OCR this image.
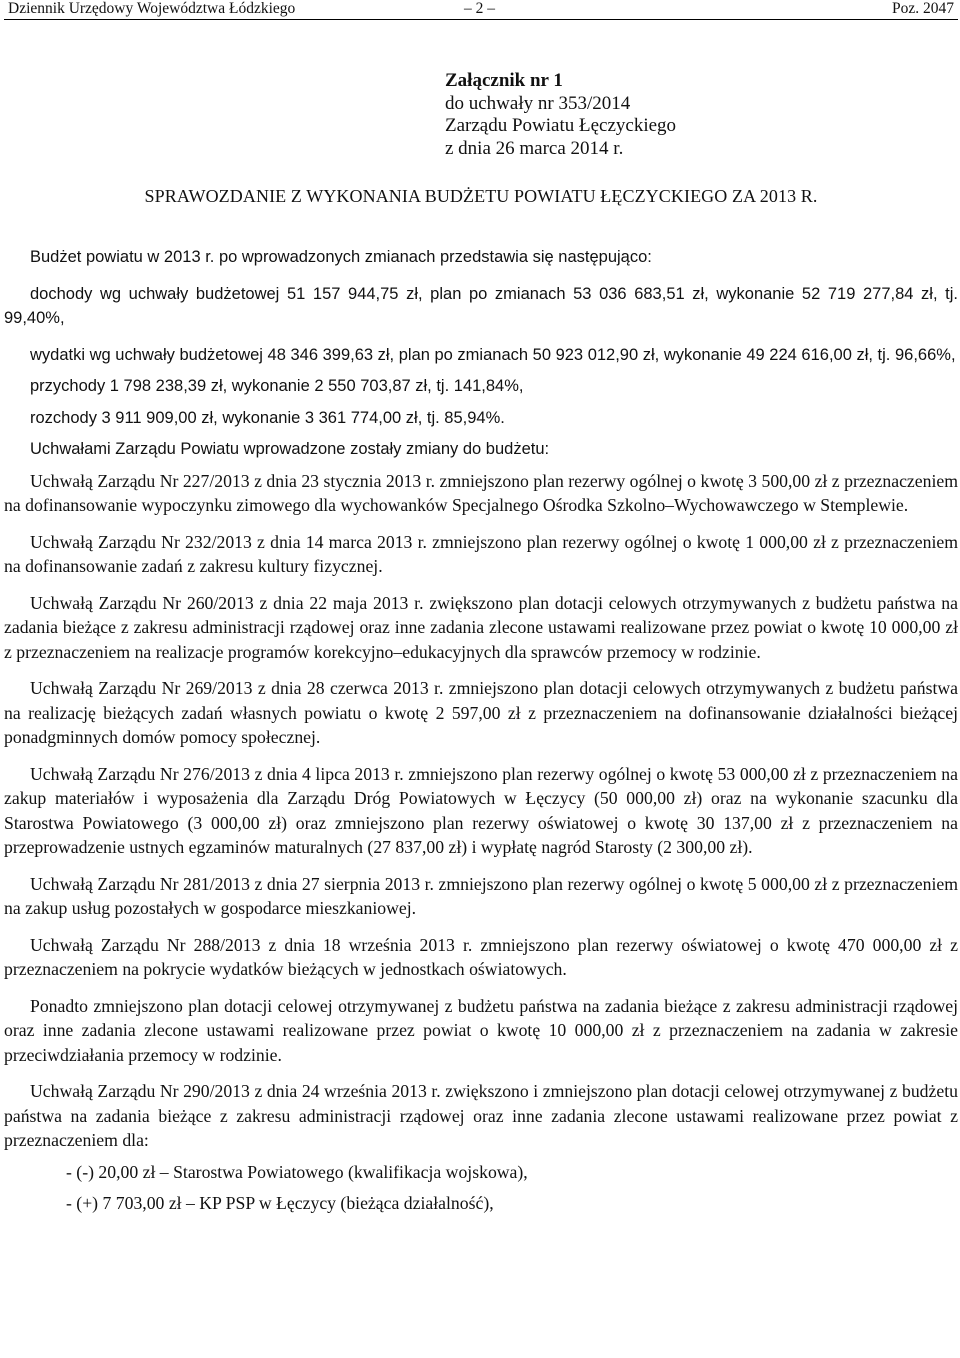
Dziennik Urzędowy Województwa Łódzkiego	– 2 –	Poz. 2047
Załącznik nr 1
do uchwały nr 353/2014
Zarządu Powiatu Łęczyckiego
z dnia 26 marca 2014 r.
SPRAWOZDANIE Z WYKONANIA BUDŻETU POWIATU ŁĘCZYCKIEGO ZA 2013 R.

Budżet powiatu w 2013 r. po wprowadzonych zmianach przedstawia się następująco:

dochody wg uchwały budżetowej 51 157 944,75 zł, plan po zmianach 53 036 683,51 zł, wykonanie 52 719 277,84 zł, tj. 99,40%,

wydatki wg uchwały budżetowej 48 346 399,63 zł, plan po zmianach 50 923 012,90 zł, wykonanie 49 224 616,00 zł, tj. 96,66%,

przychody 1 798 238,39 zł, wykonanie 2 550 703,87 zł, tj. 141,84%,

rozchody 3 911 909,00 zł, wykonanie 3 361 774,00 zł, tj. 85,94%.

Uchwałami Zarządu Powiatu wprowadzone zostały zmiany do budżetu:

Uchwałą Zarządu Nr 227/2013 z dnia 23 stycznia 2013 r. zmniejszono plan rezerwy ogólnej o kwotę 3 500,00 zł z przeznaczeniem na dofinansowanie wypoczynku zimowego dla wychowanków Specjalnego Ośrodka Szkolno–Wychowawczego w Stemplewie.

Uchwałą Zarządu Nr 232/2013 z dnia 14 marca 2013 r. zmniejszono plan rezerwy ogólnej o kwotę 1 000,00 zł z przeznaczeniem na dofinansowanie zadań z zakresu kultury fizycznej.

Uchwałą Zarządu Nr 260/2013 z dnia 22 maja 2013 r. zwiększono plan dotacji celowych otrzymywanych z budżetu państwa na zadania bieżące z zakresu administracji rządowej oraz inne zadania zlecone ustawami realizowane przez powiat o kwotę 10 000,00 zł z przeznaczeniem na realizacje programów korekcyjno–edukacyjnych dla sprawców przemocy w rodzinie.

Uchwałą Zarządu Nr 269/2013 z dnia 28 czerwca 2013 r. zmniejszono plan dotacji celowych otrzymywanych z budżetu państwa na realizację bieżących zadań własnych powiatu o kwotę 2 597,00 zł z przeznaczeniem na dofinansowanie działalności bieżącej ponadgminnych domów pomocy społecznej.

Uchwałą Zarządu Nr 276/2013 z dnia 4 lipca 2013 r. zmniejszono plan rezerwy ogólnej o kwotę 53 000,00 zł z przeznaczeniem na zakup materiałów i wyposażenia dla Zarządu Dróg Powiatowych w Łęczycy (50 000,00 zł) oraz na wykonanie szacunku dla Starostwa Powiatowego (3 000,00 zł) oraz zmniejszono plan rezerwy oświatowej o kwotę 30 137,00 zł z przeznaczeniem na przeprowadzenie ustnych egzaminów maturalnych (27 837,00 zł) i wypłatę nagród Starosty (2 300,00 zł).

Uchwałą Zarządu Nr 281/2013 z dnia 27 sierpnia 2013 r. zmniejszono plan rezerwy ogólnej o kwotę 5 000,00 zł z przeznaczeniem na zakup usług pozostałych w gospodarce mieszkaniowej.

Uchwałą Zarządu Nr 288/2013 z dnia 18 września 2013 r. zmniejszono plan rezerwy oświatowej o kwotę 470 000,00 zł z przeznaczeniem na pokrycie wydatków bieżących w jednostkach oświatowych.

Ponadto zmniejszono plan dotacji celowej otrzymywanej z budżetu państwa na zadania bieżące z zakresu administracji rządowej oraz inne zadania zlecone ustawami realizowane przez powiat o kwotę 10 000,00 zł z przeznaczeniem na zadania w zakresie przeciwdziałania przemocy w rodzinie.

Uchwałą Zarządu Nr 290/2013 z dnia 24 września 2013 r. zwiększono i zmniejszono plan dotacji celowej otrzymywanej z budżetu państwa na zadania bieżące z zakresu administracji rządowej oraz inne zadania zlecone ustawami realizowane przez powiat z przeznaczeniem dla:

- (-) 20,00 zł – Starostwa Powiatowego (kwalifikacja wojskowa),
- (+) 7 703,00 zł – KP PSP w Łęczycy (bieżąca działalność),
